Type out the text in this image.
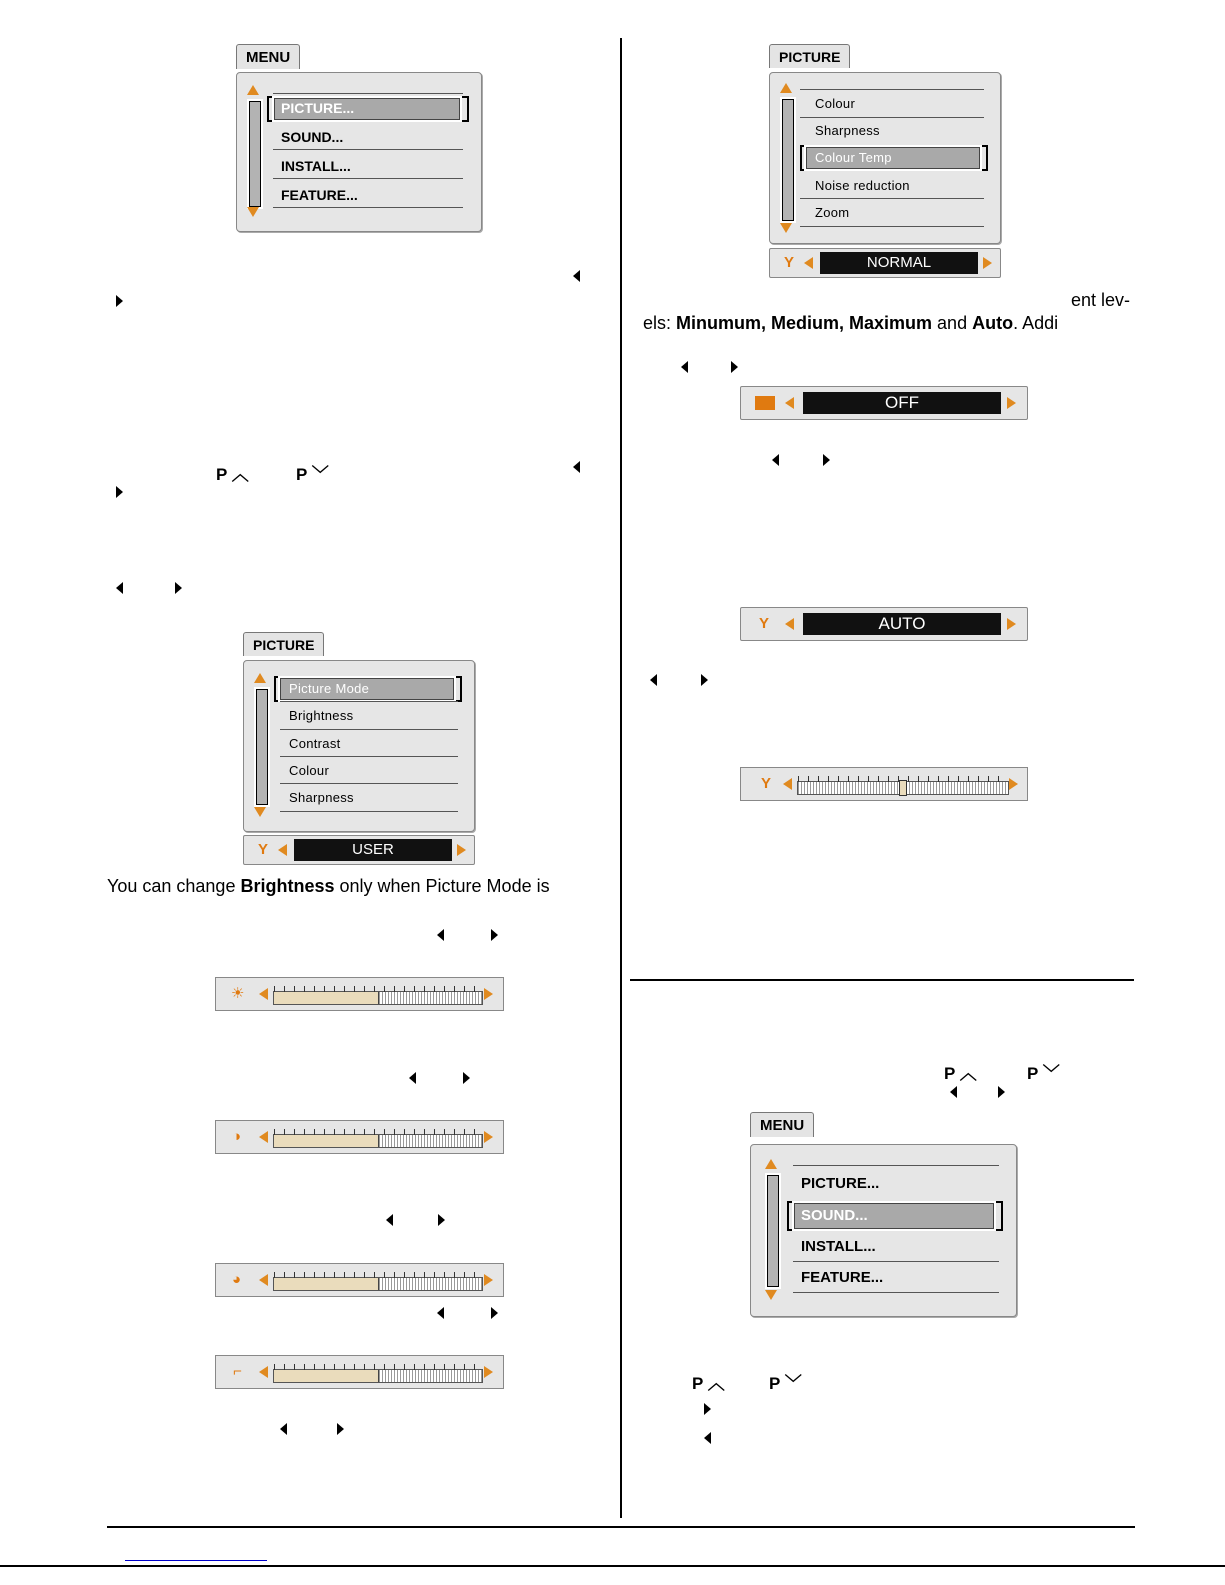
MENU
PICTURE...
SOUND...
INSTALL...
FEATURE...
P ︿	P ﹀
PICTURE
Picture Mode
Brightness
Contrast
Colour
Sharpness
Y	USER
You can change Brightness only when Picture Mode is
☀
◑
◕
⌐
PICTURE
Colour
Sharpness
Colour Temp
Noise reduction
Zoom
Y	NORMAL
ent lev-
els: Minumum, Medium, Maximum and Auto. Addi
OFF
Y	AUTO
Y
P ︿	P ﹀
MENU
PICTURE...
SOUND...
INSTALL...
FEATURE...
P ︿	P ﹀
